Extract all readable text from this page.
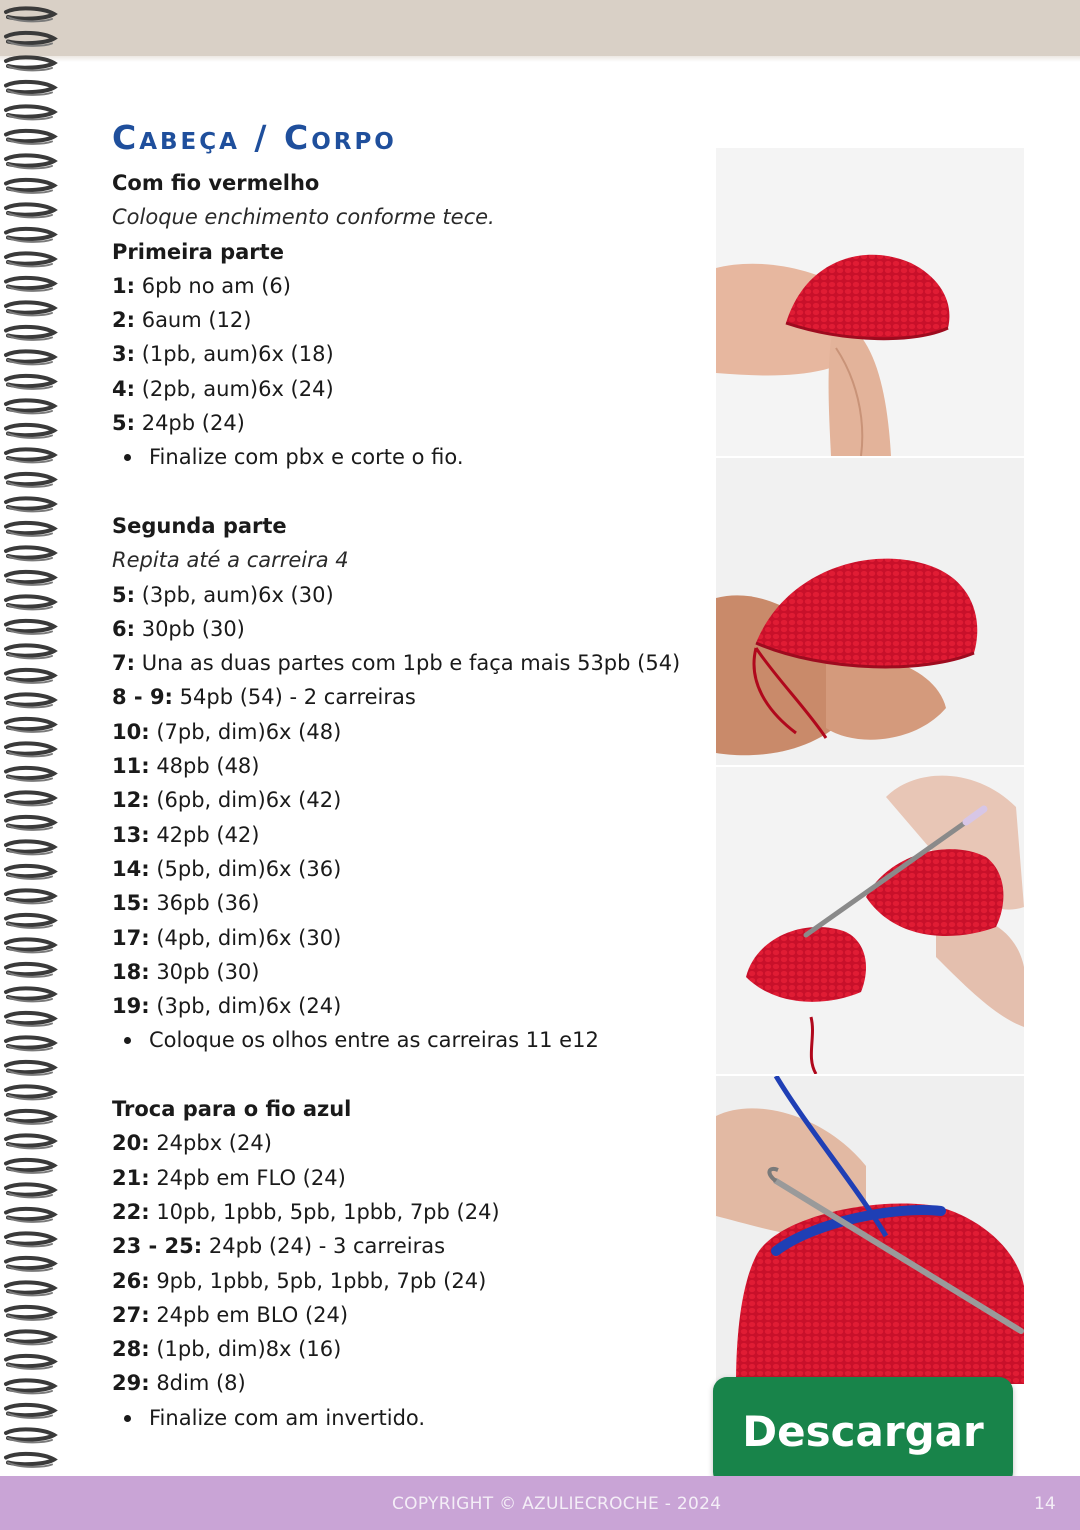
Cabeça / Corpo
Com fio vermelho
Coloque enchimento conforme tece.
Primeira parte
1: 6pb no am (6)
2: 6aum (12)
3: (1pb, aum)6x (18)
4: (2pb, aum)6x (24)
5: 24pb (24)
Finalize com pbx e corte o fio.
Segunda parte
Repita até a carreira 4
5: (3pb, aum)6x (30)
6: 30pb (30)
7: Una as duas partes com 1pb e faça mais 53pb (54)
8 - 9: 54pb (54) - 2 carreiras
10: (7pb, dim)6x (48)
11: 48pb (48)
12: (6pb, dim)6x (42)
13: 42pb (42)
14: (5pb, dim)6x (36)
15: 36pb (36)
17: (4pb, dim)6x (30)
18: 30pb (30)
19: (3pb, dim)6x (24)
Coloque os olhos entre as carreiras 11 e12
Troca para o fio azul
20: 24pbx (24)
21: 24pb em FLO (24)
22: 10pb, 1pbb, 5pb, 1pbb, 7pb (24)
23 - 25: 24pb (24) - 3 carreiras
26: 9pb, 1pbb, 5pb, 1pbb, 7pb (24)
27: 24pb em BLO (24)
28: (1pb, dim)8x (16)
29: 8dim (8)
Finalize com am invertido.	Descargar
COPYRIGHT © AZULIECROCHE - 2024	14
